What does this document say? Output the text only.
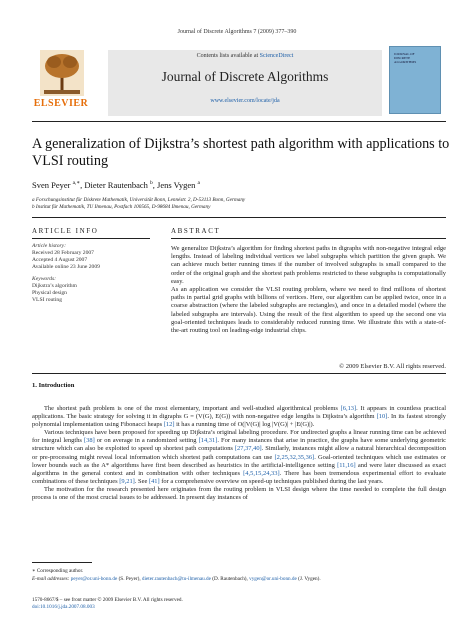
Journal of Discrete Algorithms 7 (2009) 377–390
ELSEVIER
Contents lists available at ScienceDirect
Journal of Discrete Algorithms
www.elsevier.com/locate/jda
JOURNAL OF DISCRETE ALGORITHMS
A generalization of Dijkstra’s shortest path algorithm with applications to VLSI routing
Sven Peyer $^{a,∗}$, Dieter Rautenbach $^b$, Jens Vygen $^a$
a Forschungsinstitut für Diskrete Mathematik, Universität Bonn, Lennéstr. 2, D-53113 Bonn, Germany
b Institut für Mathematik, TU Ilmenau, Postfach 100565, D-98684 Ilmenau, Germany
ARTICLE INFO	ABSTRACT
Article history:
Received 28 February 2007
Accepted 4 August 2007
Available online 23 June 2009
Keywords:
Dijkstra’s algorithm
Physical design
VLSI routing

We generalize Dijkstra’s algorithm for finding shortest paths in digraphs with non-negative integral edge lengths. Instead of labeling individual vertices we label subgraphs which partition the given graph. We can achieve much better running times if the number of involved subgraphs is small compared to the order of the original graph and the shortest path problems restricted to these subgraphs is computationally easy.

As an application we consider the VLSI routing problem, where we need to find millions of shortest paths in partial grid graphs with billions of vertices. Here, our algorithm can be applied twice, once in a coarse abstraction (where the labeled subgraphs are rectangles), and once in a detailed model (where the labeled subgraphs are intervals). Using the result of the first algorithm to speed up the second one via goal-oriented techniques leads to considerably reduced running time. We illustrate this with a state-of-the-art routing tool on leading-edge industrial chips.

© 2009 Elsevier B.V. All rights reserved.
1. Introduction

The shortest path problem is one of the most elementary, important and well-studied algorithmical problems [6,13]. It appears in countless practical applications. The basic strategy for solving it in digraphs G = (V(G), E(G)) with non-negative edge lengths is Dijkstra’s algorithm [10]. In its fastest strongly polynomial implementation using Fibonacci heaps [12] it has a running time of O(|V(G)| log |V(G)| + |E(G)|).

Various techniques have been proposed for speeding up Dijkstra’s original labeling procedure. For undirected graphs a linear running time can be achieved for integral lengths [38] or on average in a randomized setting [14,31]. For many instances that arise in practice, the graphs have some underlying geometric structure which can also be exploited to speed up shortest path computations [27,37,40]. Similarly, instances might allow a natural hierarchical decomposition or pre-processing might reveal local information which shortest path computations can use [2,25,32,35,36]. Goal-oriented techniques which use estimates or lower bounds such as the A* algorithms have first been described as heuristics in the artificial-intelligence setting [11,16] and were later discussed as exact algorithms in the general context and in combination with other techniques [4,5,15,24,33]. There has been tremendous experimental effort to evaluate combinations of these techniques [9,21]. See [41] for a comprehensive overview on speed-up techniques published during the last years.

The motivation for the research presented here originates from the routing problem in VLSI design where the time needed to complete the full design process is one of the most crucial issues to be addressed. In present day instances of

∗ Corresponding author.
E-mail addresses: peyer@or.uni-bonn.de (S. Peyer), dieter.rautenbach@tu-ilmenau.de (D. Rautenbach), vygen@or.uni-bonn.de (J. Vygen).
1570-8667/$ – see front matter © 2009 Elsevier B.V. All rights reserved.
doi:10.1016/j.jda.2007.08.003
